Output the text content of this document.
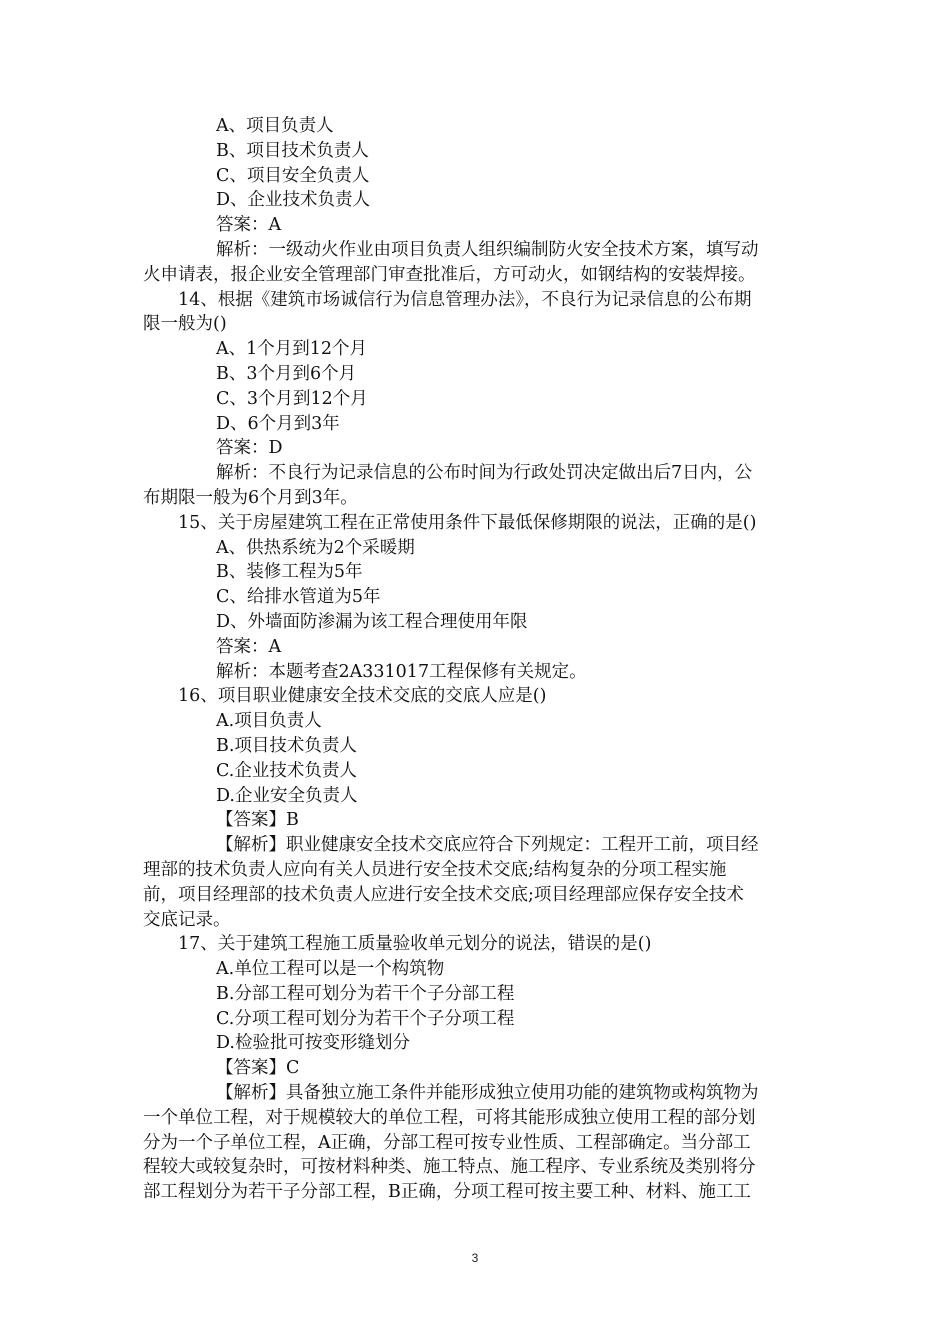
A、项目负责人
B、项目技术负责人
C、项目安全负责人
D、企业技术负责人
答案：A
解析：一级动火作业由项目负责人组织编制防火安全技术方案，填写动
火申请表，报企业安全管理部门审查批准后，方可动火，如钢结构的安装焊接。
14、根据《建筑市场诚信行为信息管理办法》，不良行为记录信息的公布期
限一般为()
A、1个月到12个月
B、3个月到6个月
C、3个月到12个月
D、6个月到3年
答案：D
解析：不良行为记录信息的公布时间为行政处罚决定做出后7日内，公
布期限一般为6个月到3年。
15、关于房屋建筑工程在正常使用条件下最低保修期限的说法，正确的是()
A、供热系统为2个采暖期
B、装修工程为5年
C、给排水管道为5年
D、外墙面防渗漏为该工程合理使用年限
答案：A
解析：本题考查2A331017工程保修有关规定。
16、项目职业健康安全技术交底的交底人应是()
A.项目负责人
B.项目技术负责人
C.企业技术负责人
D.企业安全负责人
【答案】B
【解析】职业健康安全技术交底应符合下列规定：工程开工前，项目经
理部的技术负责人应向有关人员进行安全技术交底;结构复杂的分项工程实施
前，项目经理部的技术负责人应进行安全技术交底;项目经理部应保存安全技术
交底记录。
17、关于建筑工程施工质量验收单元划分的说法，错误的是()
A.单位工程可以是一个构筑物
B.分部工程可划分为若干个子分部工程
C.分项工程可划分为若干个子分项工程
D.检验批可按变形缝划分
【答案】C
【解析】具备独立施工条件并能形成独立使用功能的建筑物或构筑物为
一个单位工程，对于规模较大的单位工程，可将其能形成独立使用工程的部分划
分为一个子单位工程，A正确，分部工程可按专业性质、工程部确定。当分部工
程较大或较复杂时，可按材料种类、施工特点、施工程序、专业系统及类别将分
部工程划分为若干子分部工程，B正确，分项工程可按主要工种、材料、施工工
3
